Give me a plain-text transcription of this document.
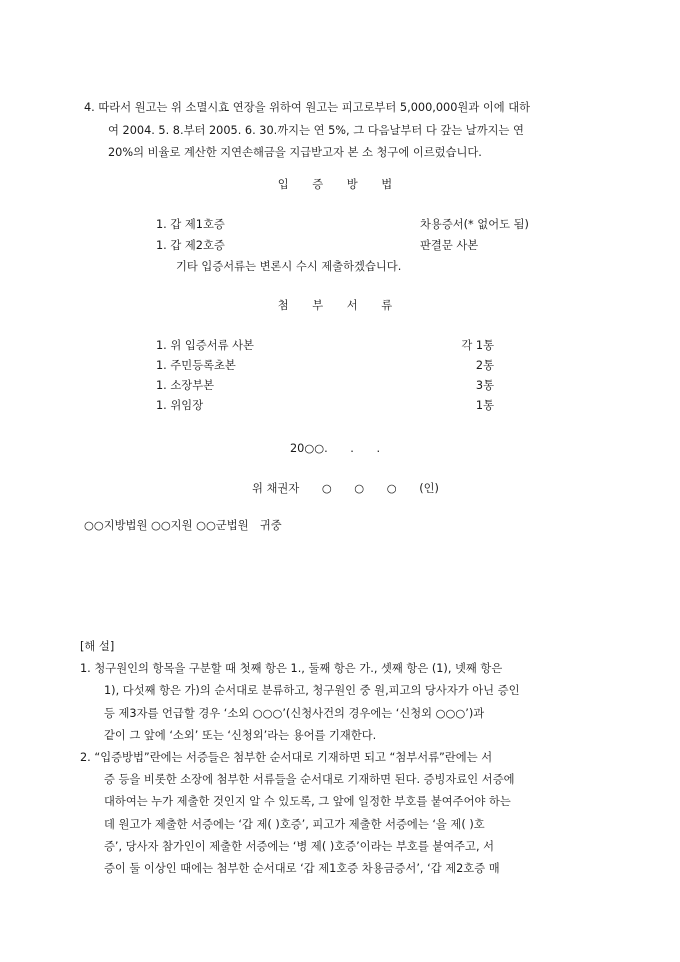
4. 따라서 원고는 위 소멸시효 연장을 위하여 원고는 피고로부터 5,000,000원과 이에 대하
여 2004. 5. 8.부터 2005. 6. 30.까지는 연 5%, 그 다음날부터 다 갚는 날까지는 연
20%의 비율로 계산한 지연손해금을 지급받고자 본 소 청구에 이르렀습니다.
입 증 방 법
1. 갑 제1호증	차용증서(* 없어도 됨)
1. 갑 제2호증	판결문 사본
기타 입증서류는 변론시 수시 제출하겠습니다.
첨 부 서 류
1. 위 입증서류 사본	각 1통
1. 주민등록초본	2통
1. 소장부본	3통
1. 위임장	1통
20○○.　　.　　.
위 채권자　　○　　○　　○　　(인)
○○지방법원 ○○지원 ○○군법원　귀중
[해 설]
1. 청구원인의 항목을 구분할 때 첫째 항은 1., 둘째 항은 가., 셋째 항은 (1), 넷째 항은
1), 다섯째 항은 가)의 순서대로 분류하고, 청구원인 중 원,피고의 당사자가 아닌 증인
등 제3자를 언급할 경우 ‘소외 ○○○’(신청사건의 경우에는 ‘신청외 ○○○’)과
같이 그 앞에 ‘소외’ 또는 ‘신청외’라는 용어를 기재한다.
2. “입증방법”란에는 서증들은 첨부한 순서대로 기재하면 되고 “첨부서류”란에는 서
증 등을 비롯한 소장에 첨부한 서류들을 순서대로 기재하면 된다. 증빙자료인 서증에
대하여는 누가 제출한 것인지 알 수 있도록, 그 앞에 일정한 부호를 붙여주어야 하는
데 원고가 제출한 서증에는 ‘갑 제( )호증’, 피고가 제출한 서증에는 ‘을 제( )호
증’, 당사자 참가인이 제출한 서증에는 ‘병 제( )호증’이라는 부호를 붙여주고, 서
증이 둘 이상인 때에는 첨부한 순서대로 ‘갑 제1호증 차용금증서’, ‘갑 제2호증 매
